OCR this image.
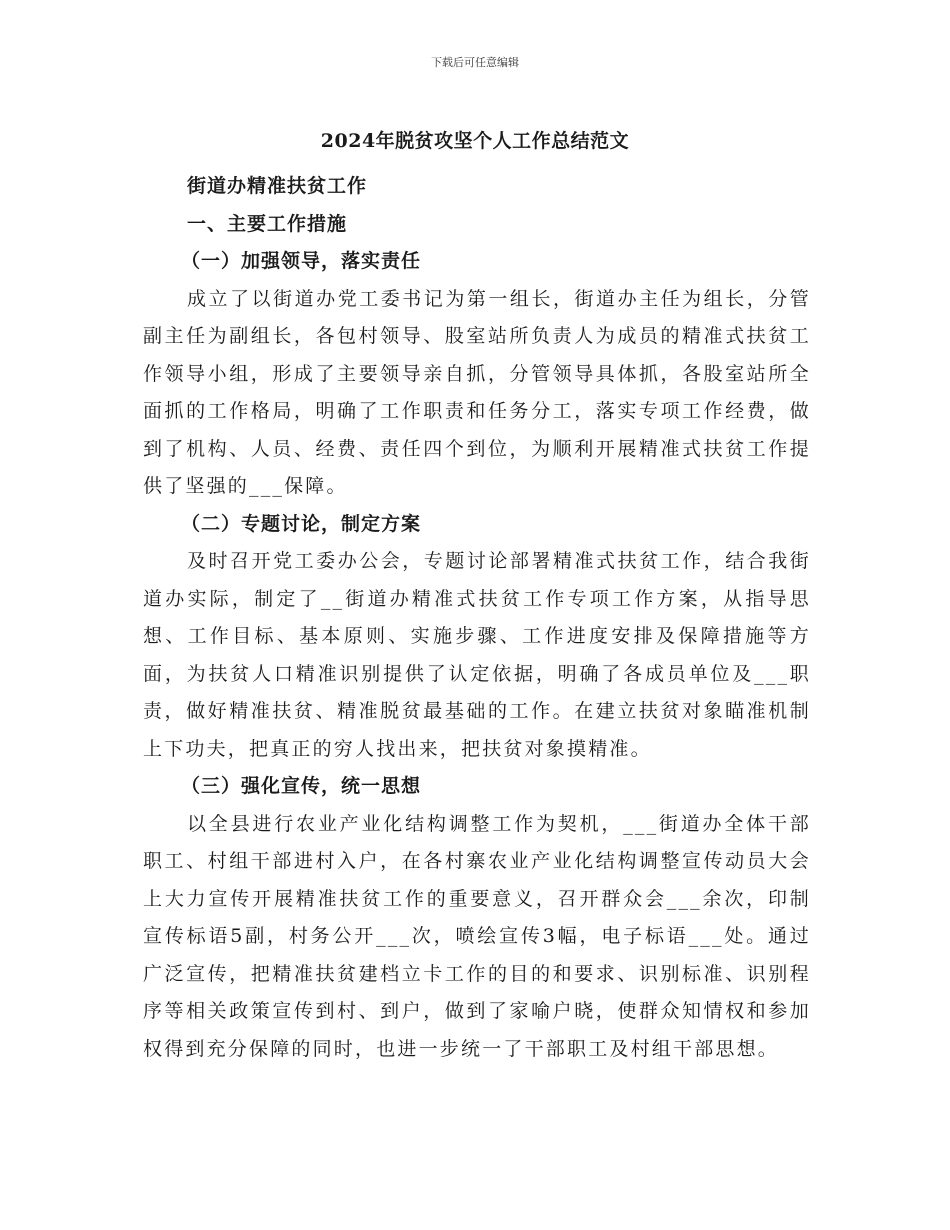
下载后可任意编辑
2024年脱贫攻坚个人工作总结范文

街道办精准扶贫工作

一、主要工作措施

（一）加强领导，落实责任

成立了以街道办党工委书记为第一组长，街道办主任为组长，分管副主任为副组长，各包村领导、股室站所负责人为成员的精准式扶贫工作领导小组，形成了主要领导亲自抓，分管领导具体抓，各股室站所全面抓的工作格局，明确了工作职责和任务分工，落实专项工作经费，做到了机构、人员、经费、责任四个到位，为顺利开展精准式扶贫工作提供了坚强的___保障。

（二）专题讨论，制定方案

及时召开党工委办公会，专题讨论部署精准式扶贫工作，结合我街道办实际，制定了__街道办精准式扶贫工作专项工作方案，从指导思想、工作目标、基本原则、实施步骤、工作进度安排及保障措施等方面，为扶贫人口精准识别提供了认定依据，明确了各成员单位及___职责，做好精准扶贫、精准脱贫最基础的工作。在建立扶贫对象瞄准机制上下功夫，把真正的穷人找出来，把扶贫对象摸精准。

（三）强化宣传，统一思想

以全县进行农业产业化结构调整工作为契机，___街道办全体干部职工、村组干部进村入户，在各村寨农业产业化结构调整宣传动员大会上大力宣传开展精准扶贫工作的重要意义，召开群众会___余次，印制宣传标语5副，村务公开___次，喷绘宣传3幅，电子标语___处。通过广泛宣传，把精准扶贫建档立卡工作的目的和要求、识别标准、识别程序等相关政策宣传到村、到户，做到了家喻户晓，使群众知情权和参加权得到充分保障的同时，也进一步统一了干部职工及村组干部思想。
